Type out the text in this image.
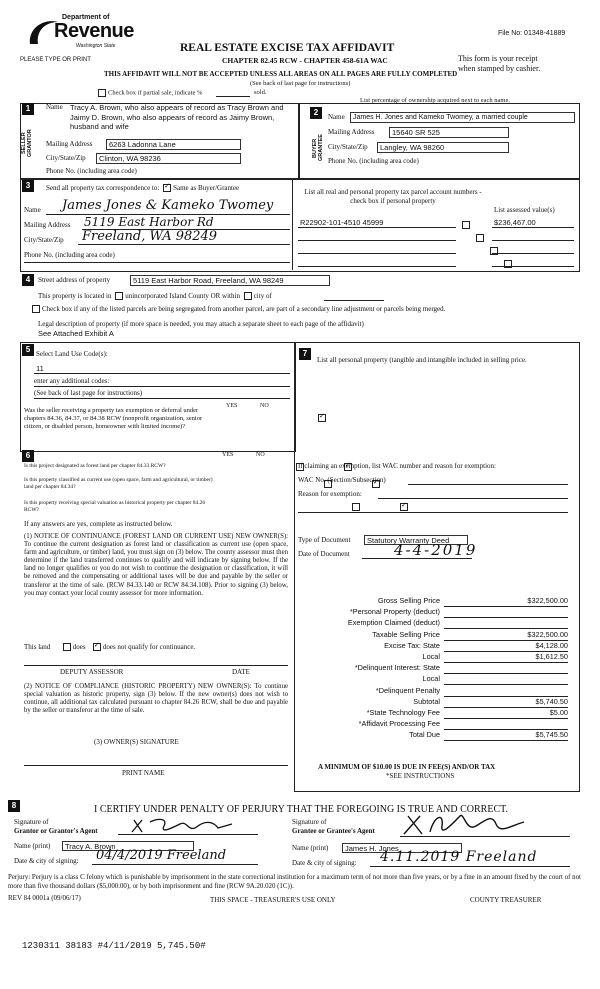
File No: 01348-41889
Department of
Revenue
Washington State
PLEASE TYPE OR PRINT
REAL ESTATE EXCISE TAX AFFIDAVIT
CHAPTER 82.45 RCW - CHAPTER 458-61A WAC	This form is your receipt
when stamped by cashier.
THIS AFFIDAVIT WILL NOT BE ACCEPTED UNLESS ALL AREAS ON ALL PAGES ARE FULLY COMPLETED
(See back of last page for instructions)
Check box if partial sale, indicate %	sold.
List percentage of ownership acquired next to each name.
1
SELLER GRANTOR
Name Tracy A. Brown, who also appears of record as Tracy Brown and Jaimy D. Brown, who also appears of record as Jaimy Brown, husband and wife
Mailing Address	6263 Ladonna Lane
City/State/Zip	Clinton, WA 98236
Phone No. (including area code)
2
BUYER GRANTEE
Name	James H. Jones and Kameko Twomey, a married couple
Mailing Address	15640 SR 525
City/State/Zip	Langley, WA 98260
Phone No. (including area code)
3	Send all property tax correspondence to: ✓ Same as Buyer/Grantee
Name James Jones & Kameko Twomey
Mailing Address 5119 East Harbor Rd
City/State/Zip Freeland, WA 98249
Phone No. (including area code)
List all real and personal property tax parcel account numbers - check box if personal property
List assessed value(s)
R22902-101-4510 45999	$236,467.00

4	Street address of property	5119 East Harbor Road, Freeland, WA 98249
This property is located in unincorporated Island County OR within city of
Check box if any of the listed parcels are being segregated from another parcel, are part of a secondary line adjustment or parcels being merged.
Legal description of property (if more space is needed, you may attach a separate sheet to each page of the affidavit)
See Attached Exhibit A
5 Select Land Use Code(s):
11
enter any additional codes:
(See back of last page for instructions)
YES	NO
Was the seller receiving a property tax exemption or deferral under chapters 84.36, 84.37, or 84.38 RCW (nonprofit organization, senior citizen, or disabled person, homeowner with limited income)?
✓
6	YES	NO
Is this project designated as forest land per chapter 84.33 RCW?
✓
Is this property classified as current use (open space, farm and agricultural, or timber) land per chapter 84.34?
✓
Is this property receiving special valuation as historical property per chapter 84.26 RCW?
✓
If any answers are yes, complete as instructed below.
(1) NOTICE OF CONTINUANCE (FOREST LAND OR CURRENT USE) NEW OWNER(S): To continue the current designation as forest land or classification as current use (open space, farm and agriculture, or timber) land, you must sign on (3) below. The county assessor must then determine if the land transferred continues to qualify and will indicate by signing below. If the land no longer qualifies or you do not wish to continue the designation or classification, it will be removed and the compensating or additional taxes will be due and payable by the seller or transferor at the time of sale. (RCW 84.33.140 or RCW 84.34.108). Prior to signing (3) below, you may contact your local county assessor for more information.
This land	does ✓ does not qualify for continuance.
DEPUTY ASSESSOR	DATE
(2) NOTICE OF COMPLIANCE (HISTORIC PROPERTY) NEW OWNER(S): To continue special valuation as historic property, sign (3) below. If the new owner(s) does not wish to continue, all additional tax calculated pursuant to chapter 84.26 RCW, shall be due and payable by the seller or transferor at the time of sale.
(3) OWNER(S) SIGNATURE
PRINT NAME
7
List all personal property (tangible and intangible included in selling price.
If claiming an exemption, list WAC number and reason for exemption:
WAC No. (Section/Subsection)
Reason for exemption:
Type of Document	Statutory Warranty Deed
Date of Document	4-4-2019
Gross Selling Price	$322,500.00
*Personal Property (deduct)
Exemption Claimed (deduct)
Taxable Selling Price	$322,500.00
Excise Tax: State	$4,128.00
Local	$1,612.50
*Delinquent Interest: State
Local
*Delinquent Penalty
Subtotal	$5,740.50
*State Technology Fee	$5.00
*Affidavit Processing Fee
Total Due	$5,745.50
A MINIMUM OF $10.00 IS DUE IN FEE(S) AND/OR TAX
*SEE INSTRUCTIONS
8	I CERTIFY UNDER PENALTY OF PERJURY THAT THE FOREGOING IS TRUE AND CORRECT.
Signature of
Grantor or Grantor's Agent
Name (print)	Tracy A. Brown
Date & city of signing: 04/4/2019 Freeland
Signature of
Grantee or Grantee's Agent
Name (print)	James H. Jones
Date & city of signing: 4.11.2019 Freeland
Perjury: Perjury is a class C felony which is punishable by imprisonment in the state correctional institution for a maximum term of not more than five years, or by a fine in an amount fixed by the court of not more than five thousand dollars ($5,000.00), or by both imprisonment and fine (RCW 9A.20.020 (1C)).
REV 84 0001a (09/06/17)	THIS SPACE - TREASURER'S USE ONLY	COUNTY TREASURER
1230311 38183 #4/11/2019 5,745.50#
